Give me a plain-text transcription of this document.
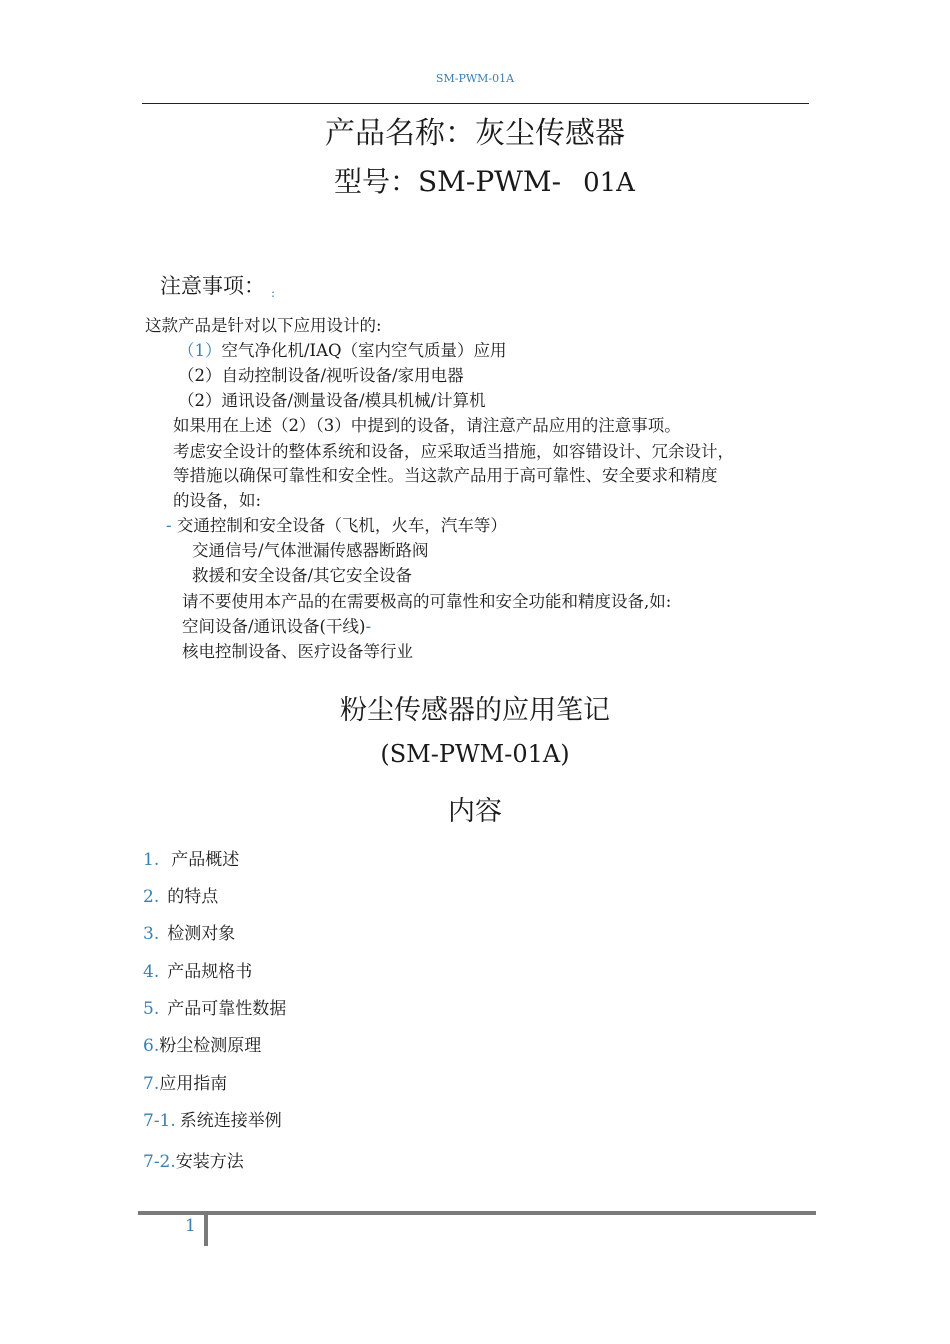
SM-PWM-01A
产品名称：灰尘传感器
型号：SM-PWM- 01A
注意事项： :
这款产品是针对以下应用设计的:
（1）空气净化机/IAQ（室内空气质量）应用
（2）自动控制设备/视听设备/家用电器
（2）通讯设备/测量设备/模具机械/计算机
如果用在上述（2）（3）中提到的设备，请注意产品应用的注意事项。
考虑安全设计的整体系统和设备，应采取适当措施，如容错设计、冗余设计，
等措施以确保可靠性和安全性。当这款产品用于高可靠性、安全要求和精度
的设备，如:
- 交通控制和安全设备（飞机，火车，汽车等）
交通信号/气体泄漏传感器断路阀
救援和安全设备/其它安全设备
请不要使用本产品的在需要极高的可靠性和安全功能和精度设备,如:
空间设备/通讯设备(干线)-
核电控制设备、医疗设备等行业
粉尘传感器的应用笔记
(SM-PWM-01A)
内容
1. 产品概述
2. 的特点
3. 检测对象
4. 产品规格书
5. 产品可靠性数据
6.粉尘检测原理
7.应用指南
7-1. 系统连接举例
7-2.安装方法
1
